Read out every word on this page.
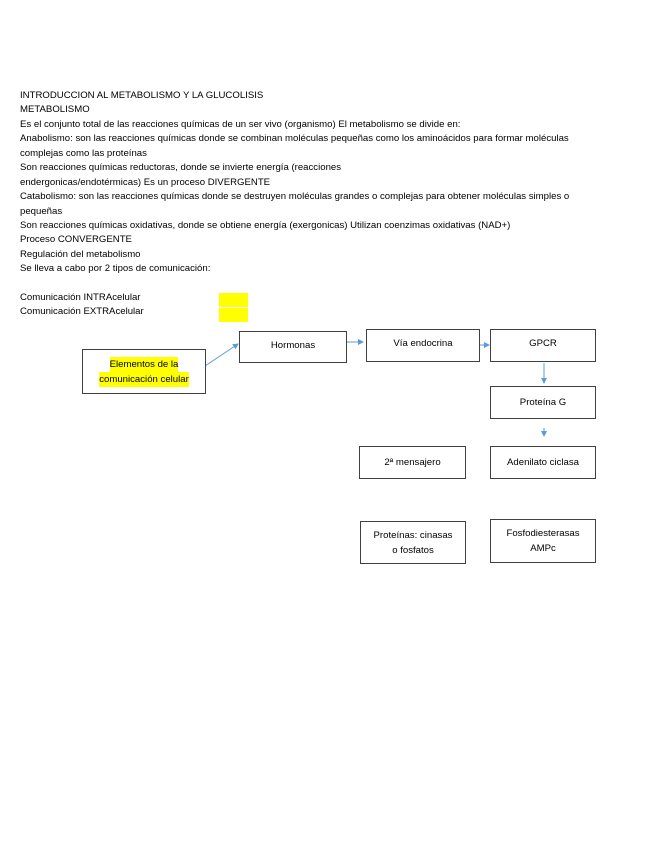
INTRODUCCION AL METABOLISMO Y LA GLUCOLISIS
METABOLISMO
Es el conjunto total de las reacciones químicas de un ser vivo (organismo) El metabolismo se divide en:
Anabolismo: son las reacciones químicas donde se combinan moléculas pequeñas como los aminoácidos para formar moléculas
complejas como las proteínas
Son reacciones químicas reductoras, donde se invierte energía (reacciones
endergonicas/endotérmicas) Es un proceso DIVERGENTE
Catabolismo: son las reacciones químicas donde se destruyen moléculas grandes o complejas para obtener moléculas simples o
pequeñas
Son reacciones químicas oxidativas, donde se obtiene energía (exergonicas) Utilizan coenzimas oxidativas (NAD+)
Proceso CONVERGENTE
Regulación del metabolismo
Se lleva a cabo por 2 tipos de comunicación:
Comunicación INTRAcelular
Comunicación EXTRAcelular
Elementos de la
comunicación celular
Hormonas	Vía endocrina	GPCR
Proteína G
2ª mensajero	Adenilato ciclasa
Proteínas: cinasas
o fosfatos
Fosfodiesterasas
AMPc
